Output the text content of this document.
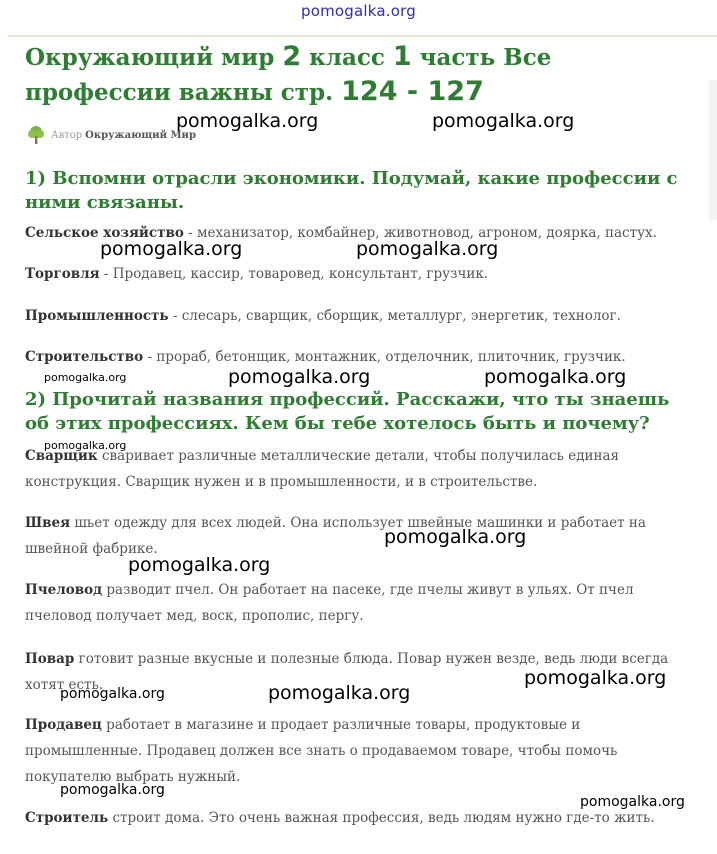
pomogalka.org
Окружающий мир 2 класс 1 часть Все профессии важны стр. 124 - 127
Автор Окружающий Мир
1) Вспомни отрасли экономики. Подумай, какие профессии с ними связаны.

Сельское хозяйство - механизатор, комбайнер, животновод, агроном, доярка, пастух.

Торговля - Продавец, кассир, товаровед, консультант, грузчик.

Промышленность - слесарь, сварщик, сборщик, металлург, энергетик, технолог.

Строительство - прораб, бетонщик, монтажник, отделочник, плиточник, грузчик.

2) Прочитай названия профессий. Расскажи, что ты знаешь об этих профессиях. Кем бы тебе хотелось быть и почему?

Сварщик сваривает различные металлические детали, чтобы получилась единая конструкция. Сварщик нужен и в промышленности, и в строительстве.

Швея шьет одежду для всех людей. Она использует швейные машинки и работает на швейной фабрике.

Пчеловод разводит пчел. Он работает на пасеке, где пчелы живут в ульях. От пчел пчеловод получает мед, воск, прополис, пергу.

Повар готовит разные вкусные и полезные блюда. Повар нужен везде, ведь люди всегда хотят есть.

Продавец работает в магазине и продает различные товары, продуктовые и промышленные. Продавец должен все знать о продаваемом товаре, чтобы помочь покупателю выбрать нужный.

Строитель строит дома. Это очень важная профессия, ведь людям нужно где-то жить.

pomogalka.org	pomogalka.org
pomogalka.org	pomogalka.org
pomogalka.org	pomogalka.org	pomogalka.org
pomogalka.org
pomogalka.org
pomogalka.org
pomogalka.org
pomogalka.org	pomogalka.org
pomogalka.org
pomogalka.org
